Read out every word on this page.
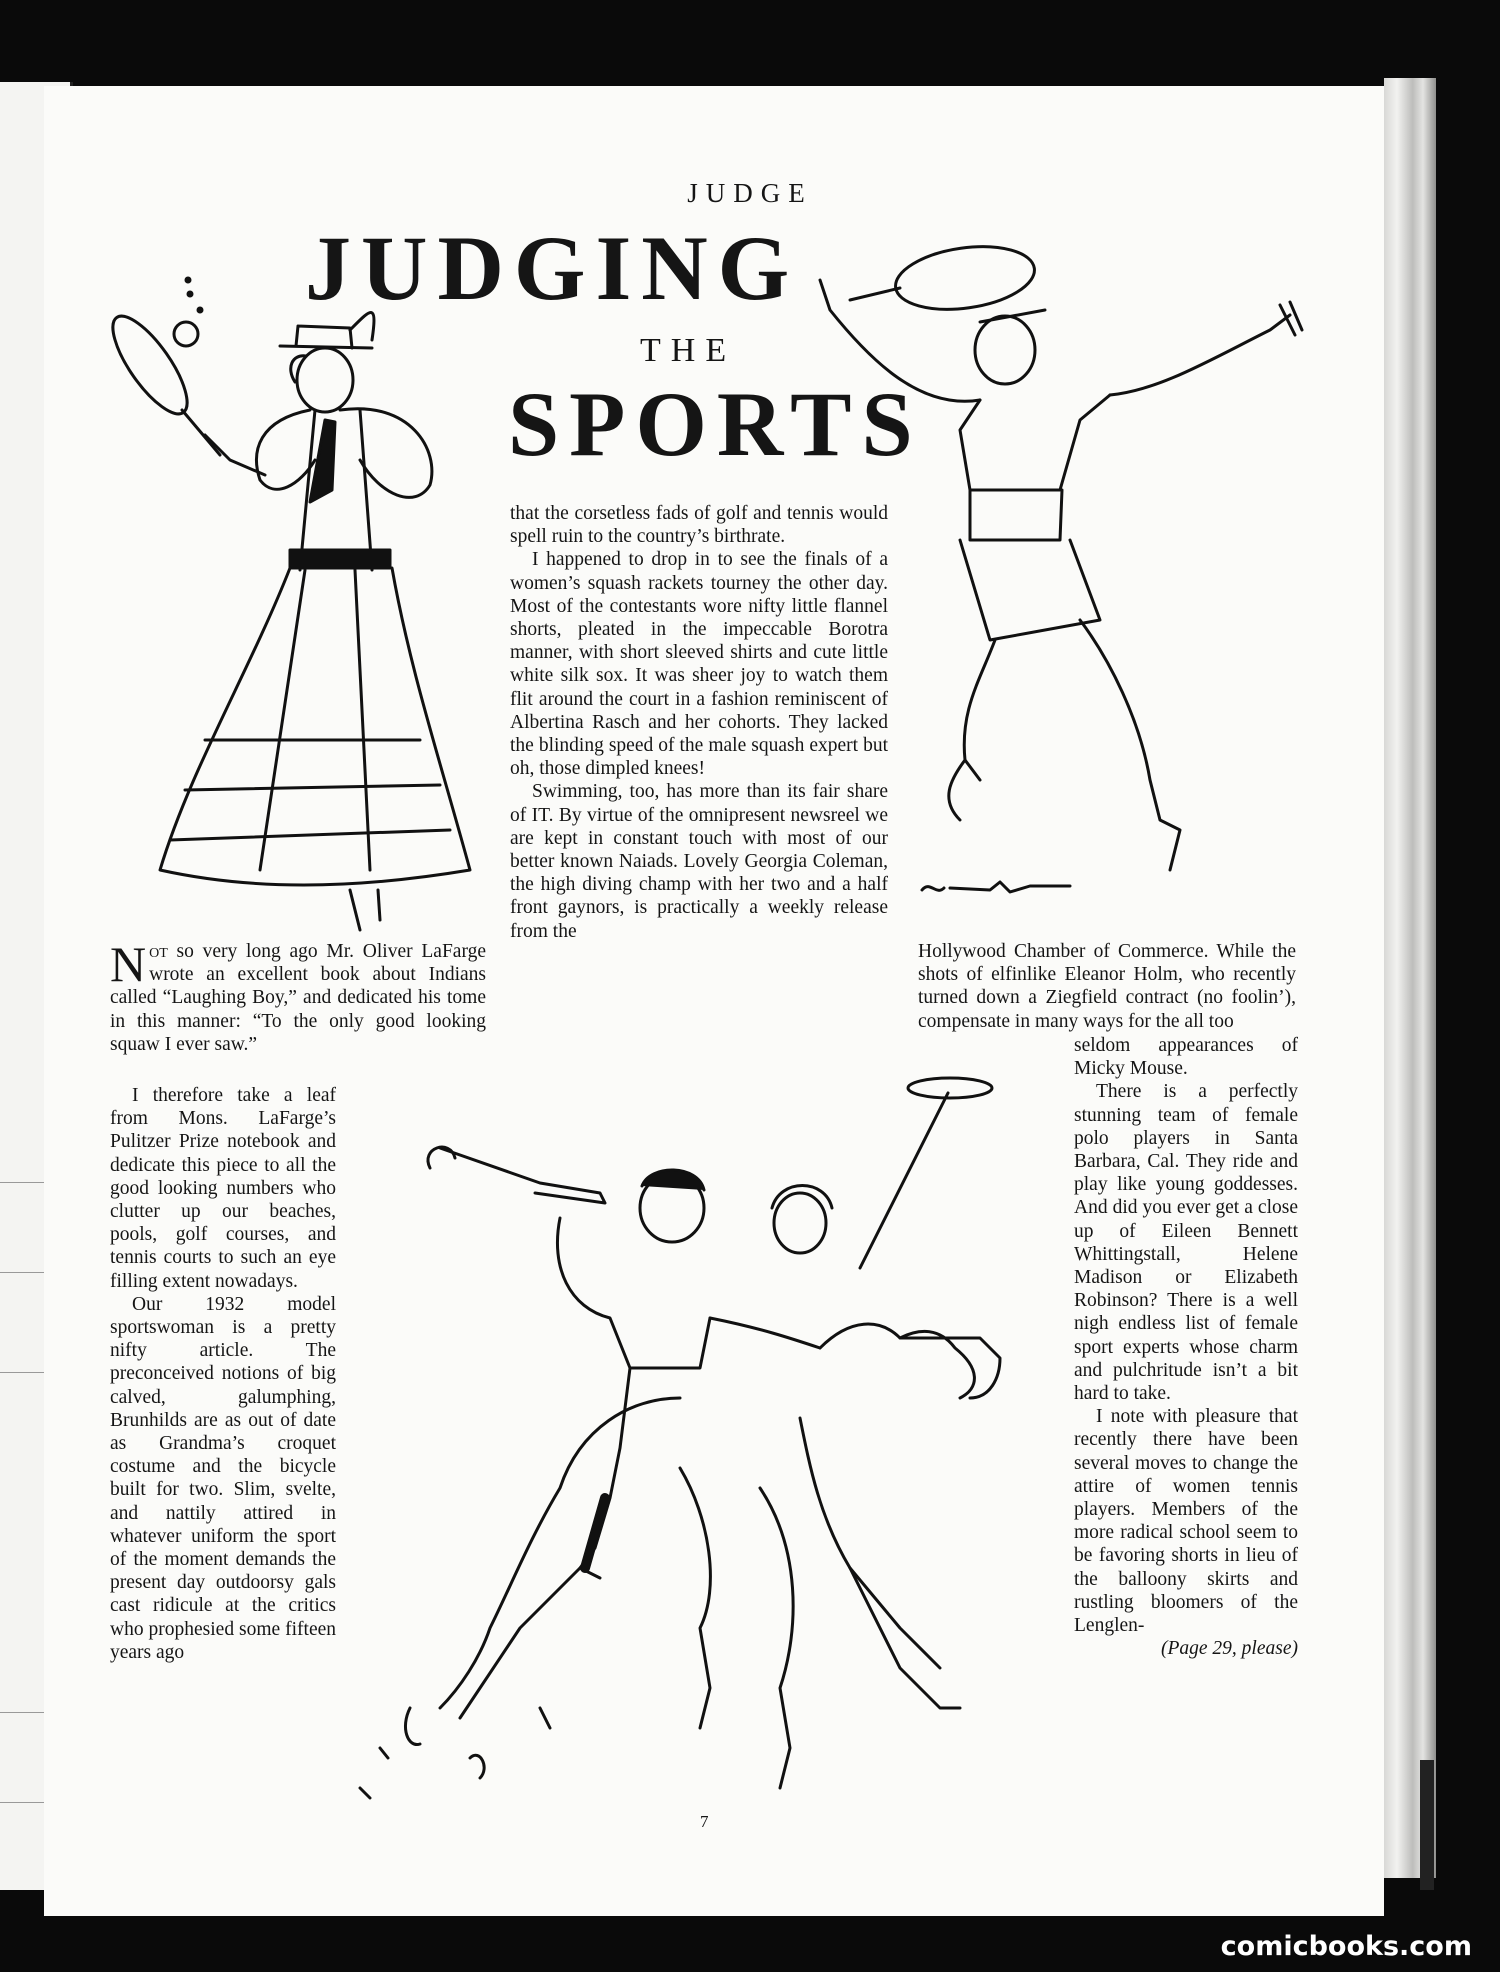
JUDGE
JUDGING
THE
SPORTS

Not so very long ago Mr. Oliver LaFarge wrote an excellent book about Indians called “Laughing Boy,” and dedicated his tome in this manner: “To the only good looking squaw I ever saw.”

I therefore take a leaf from Mons. LaFarge’s Pulitzer Prize notebook and dedicate this piece to all the good looking numbers who clutter up our beaches, pools, golf courses, and tennis courts to such an eye filling extent nowadays.

Our 1932 model sportswoman is a pretty nifty article. The preconceived notions of big calved, galumphing, Brunhilds are as out of date as Grandma’s croquet costume and the bicycle built for two. Slim, svelte, and nattily attired in whatever uniform the sport of the moment demands the present day outdoorsy gals cast ridicule at the critics who prophesied some fifteen years ago

that the corsetless fads of golf and tennis would spell ruin to the country’s birthrate.

I happened to drop in to see the finals of a women’s squash rackets tourney the other day. Most of the contestants wore nifty little flannel shorts, pleated in the impeccable Borotra manner, with short sleeved shirts and cute little white silk sox. It was sheer joy to watch them flit around the court in a fashion reminiscent of Albertina Rasch and her cohorts. They lacked the blinding speed of the male squash expert but oh, those dimpled knees!

Swimming, too, has more than its fair share of IT. By virtue of the omnipresent newsreel we are kept in constant touch with most of our better known Naiads. Lovely Georgia Coleman, the high diving champ with her two and a half front gaynors, is practically a weekly release from the

Hollywood Chamber of Commerce. While the shots of elfinlike Eleanor Holm, who recently turned down a Ziegfield contract (no foolin’), compensate in many ways for the all too

seldom appearances of Micky Mouse.

There is a perfectly stunning team of female polo players in Santa Barbara, Cal. They ride and play like young goddesses. And did you ever get a close up of Eileen Bennett Whittingstall, Helene Madison or Elizabeth Robinson? There is a well nigh endless list of female sport experts whose charm and pulchritude isn’t a bit hard to take.

I note with pleasure that recently there have been several moves to change the attire of women tennis players. Members of the more radical school seem to be favoring shorts in lieu of the balloony skirts and rustling bloomers of the Lenglen-

(Page 29, please)
7
comicbooks.com
